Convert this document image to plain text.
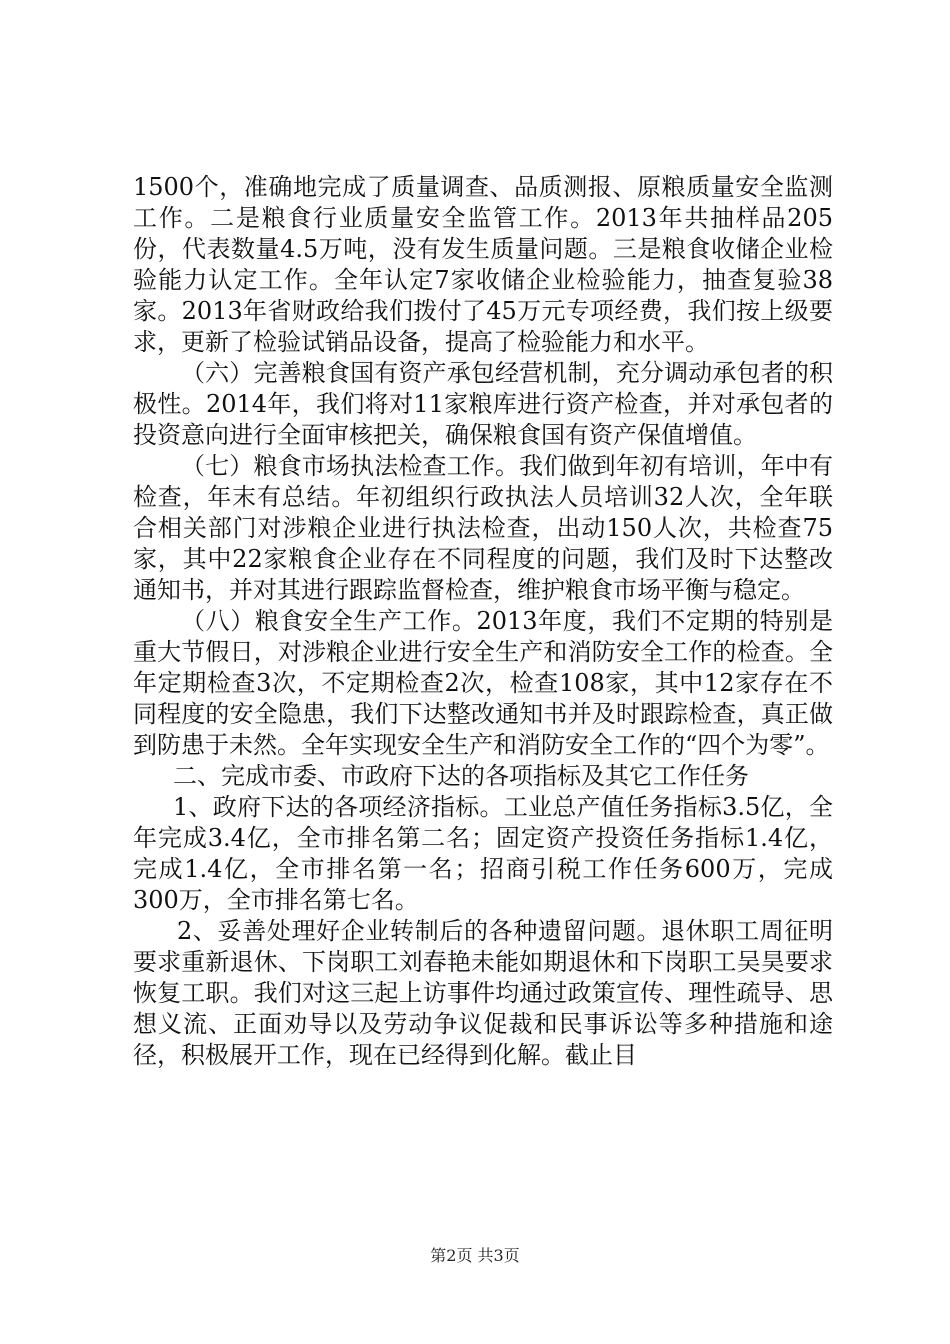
1500个，准确地完成了质量调查、品质测报、原粮质量安全监测工作。二是粮食行业质量安全监管工作。2013年共抽样品205份，代表数量4.5万吨，没有发生质量问题。三是粮食收储企业检验能力认定工作。全年认定7家收储企业检验能力，抽查复验38家。2013年省财政给我们拨付了45万元专项经费，我们按上级要求，更新了检验试销品设备，提高了检验能力和水平。

（六）完善粮食国有资产承包经营机制，充分调动承包者的积极性。2014年，我们将对11家粮库进行资产检查，并对承包者的投资意向进行全面审核把关，确保粮食国有资产保值增值。

（七）粮食市场执法检查工作。我们做到年初有培训，年中有检查，年末有总结。年初组织行政执法人员培训32人次，全年联合相关部门对涉粮企业进行执法检查，出动150人次，共检查75家，其中22家粮食企业存在不同程度的问题，我们及时下达整改通知书，并对其进行跟踪监督检查，维护粮食市场平衡与稳定。

（八）粮食安全生产工作。2013年度，我们不定期的特别是重大节假日，对涉粮企业进行安全生产和消防安全工作的检查。全年定期检查3次，不定期检查2次，检查108家，其中12家存在不同程度的安全隐患，我们下达整改通知书并及时跟踪检查，真正做到防患于未然。全年实现安全生产和消防安全工作的“四个为零”。

二、完成市委、市政府下达的各项指标及其它工作任务

1、政府下达的各项经济指标。工业总产值任务指标3.5亿，全年完成3.4亿，全市排名第二名；固定资产投资任务指标1.4亿，完成1.4亿，全市排名第一名；招商引税工作任务600万，完成300万，全市排名第七名。

2、妥善处理好企业转制后的各种遗留问题。退休职工周征明要求重新退休、下岗职工刘春艳未能如期退休和下岗职工吴昊要求恢复工职。我们对这三起上访事件均通过政策宣传、理性疏导、思想义流、正面劝导以及劳动争议促裁和民事诉讼等多种措施和途径，积极展开工作，现在已经得到化解。截止目

第2页 共3页
